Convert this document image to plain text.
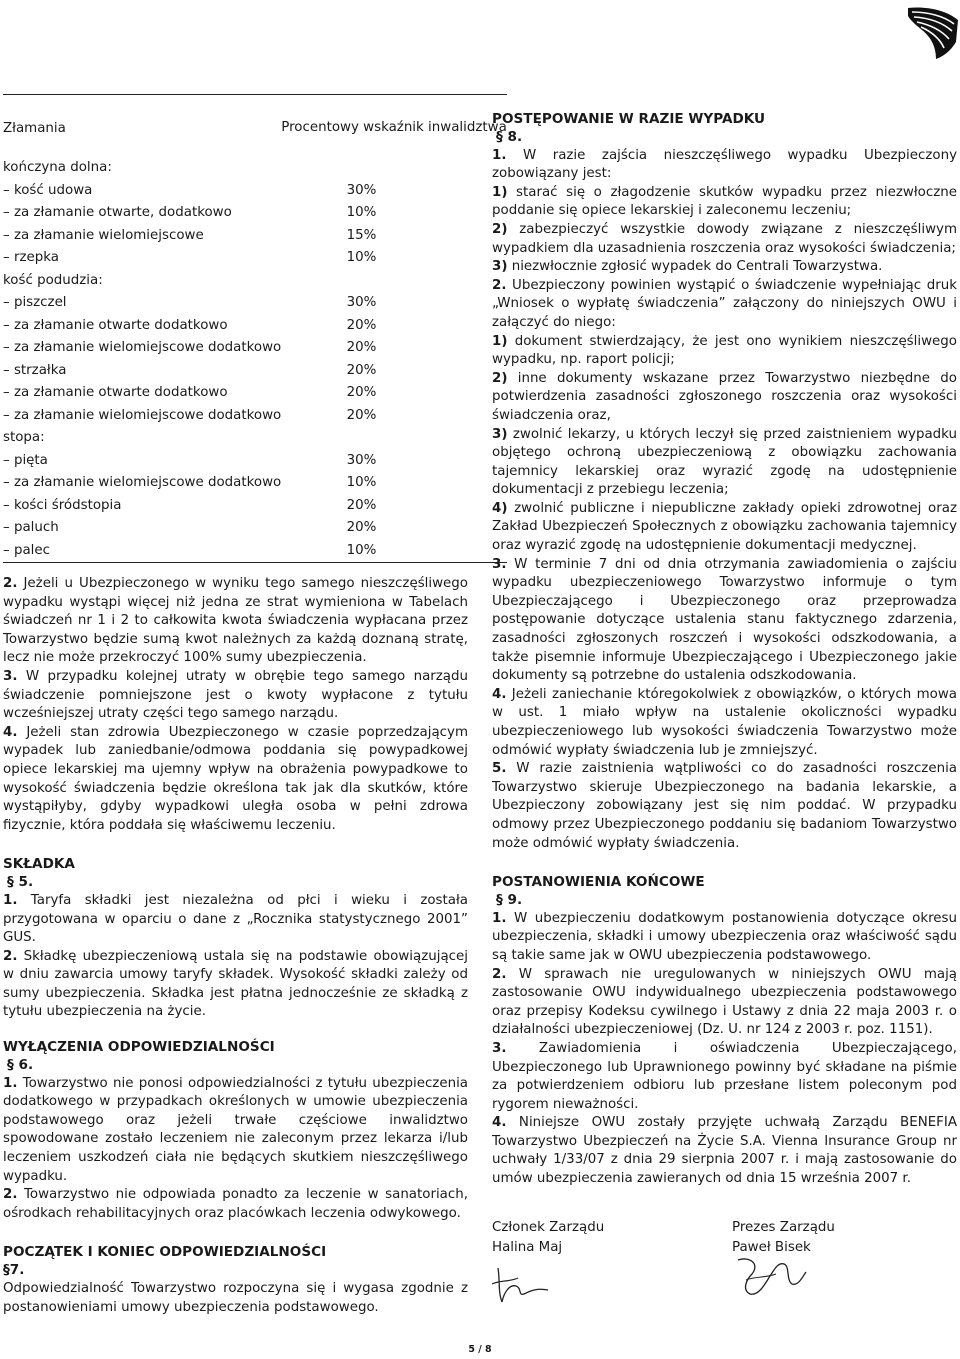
Złamania	Procentowy wskaźnik inwalidztwa
kończyna dolna:	
– kość udowa	30%
– za złamanie otwarte, dodatkowo	10%
– za złamanie wielomiejscowe	15%
– rzepka	10%
kość podudzia:	
– piszczel	30%
– za złamanie otwarte dodatkowo	20%
– za złamanie wielomiejscowe dodatkowo	20%
– strzałka	20%
– za złamanie otwarte dodatkowo	20%
– za złamanie wielomiejscowe dodatkowo	20%
stopa:	
– pięta	30%
– za złamanie wielomiejscowe dodatkowo	10%
– kości śródstopia	20%
– paluch	20%
– palec	10%

2. Jeżeli u Ubezpieczonego w wyniku tego samego nieszczęśliwego wypadku wystąpi więcej niż jedna ze strat wymieniona w Tabelach świadczeń nr 1 i 2 to całkowita kwota świadczenia wypłacana przez Towarzystwo będzie sumą kwot należnych za każdą doznaną stratę, lecz nie może przekroczyć 100% sumy ubezpieczenia.

3. W przypadku kolejnej utraty w obrębie tego samego narządu świadczenie pomniejszone jest o kwoty wypłacone z tytułu wcześniejszej utraty części tego samego narządu.

4. Jeżeli stan zdrowia Ubezpieczonego w czasie poprzedzającym wypadek lub zaniedbanie/odmowa poddania się powypadkowej opiece lekarskiej ma ujemny wpływ na obrażenia powypadkowe to wysokość świadczenia będzie określona tak jak dla skutków, które wystąpiłyby, gdyby wypadkowi uległa osoba w pełni zdrowa fizycznie, która poddała się właściwemu leczeniu.

SKŁADKA

§ 5.

1. Taryfa składki jest niezależna od płci i wieku i została przygotowana w oparciu o dane z „Rocznika statystycznego 2001” GUS.

2. Składkę ubezpieczeniową ustala się na podstawie obowiązującej w dniu zawarcia umowy taryfy składek. Wysokość składki zależy od sumy ubezpieczenia. Składka jest płatna jednocześnie ze składką z tytułu ubezpieczenia na życie.

WYŁĄCZENIA ODPOWIEDZIALNOŚCI

§ 6.

1. Towarzystwo nie ponosi odpowiedzialności z tytułu ubezpieczenia dodatkowego w przypadkach określonych w umowie ubezpieczenia podstawowego oraz jeżeli trwałe częściowe inwalidztwo spowodowane zostało leczeniem nie zaleconym przez lekarza i/lub leczeniem uszkodzeń ciała nie będących skutkiem nieszczęśliwego wypadku.

2. Towarzystwo nie odpowiada ponadto za leczenie w sanatoriach, ośrodkach rehabilitacyjnych oraz placówkach leczenia odwykowego.

POCZĄTEK I KONIEC ODPOWIEDZIALNOŚCI

§7.

Odpowiedzialność Towarzystwo rozpoczyna się i wygasa zgodnie z postanowieniami umowy ubezpieczenia podstawowego.

POSTĘPOWANIE W RAZIE WYPADKU

§ 8.

1. W razie zajścia nieszczęśliwego wypadku Ubezpieczony zobowiązany jest:

1) starać się o złagodzenie skutków wypadku przez niezwłoczne poddanie się opiece lekarskiej i zaleconemu leczeniu;

2) zabezpieczyć wszystkie dowody związane z nieszczęśliwym wypadkiem dla uzasadnienia roszczenia oraz wysokości świadczenia;

3) niezwłocznie zgłosić wypadek do Centrali Towarzystwa.

2. Ubezpieczony powinien wystąpić o świadczenie wypełniając druk „Wniosek o wypłatę świadczenia” załączony do niniejszych OWU i załączyć do niego:

1) dokument stwierdzający, że jest ono wynikiem nieszczęśliwego wypadku, np. raport policji;

2) inne dokumenty wskazane przez Towarzystwo niezbędne do potwierdzenia zasadności zgłoszonego roszczenia oraz wysokości świadczenia oraz,

3) zwolnić lekarzy, u których leczył się przed zaistnieniem wypadku objętego ochroną ubezpieczeniową z obowiązku zachowania tajemnicy lekarskiej oraz wyrazić zgodę na udostępnienie dokumentacji z przebiegu leczenia;

4) zwolnić publiczne i niepubliczne zakłady opieki zdrowotnej oraz Zakład Ubezpieczeń Społecznych z obowiązku zachowania tajemnicy oraz wyrazić zgodę na udostępnienie dokumentacji medycznej.

3. W terminie 7 dni od dnia otrzymania zawiadomienia o zajściu wypadku ubezpieczeniowego Towarzystwo informuje o tym Ubezpieczającego i Ubezpieczonego oraz przeprowadza postępowanie dotyczące ustalenia stanu faktycznego zdarzenia, zasadności zgłoszonych roszczeń i wysokości odszkodowania, a także pisemnie informuje Ubezpieczającego i Ubezpieczonego jakie dokumenty są potrzebne do ustalenia odszkodowania.

4. Jeżeli zaniechanie któregokolwiek z obowiązków, o których mowa w ust. 1 miało wpływ na ustalenie okoliczności wypadku ubezpieczeniowego lub wysokości świadczenia Towarzystwo może odmówić wypłaty świadczenia lub je zmniejszyć.

5. W razie zaistnienia wątpliwości co do zasadności roszczenia Towarzystwo skieruje Ubezpieczonego na badania lekarskie, a Ubezpieczony zobowiązany jest się nim poddać. W przypadku odmowy przez Ubezpieczonego poddaniu się badaniom Towarzystwo może odmówić wypłaty świadczenia.

POSTANOWIENIA KOŃCOWE

§ 9.

1. W ubezpieczeniu dodatkowym postanowienia dotyczące okresu ubezpieczenia, składki i umowy ubezpieczenia oraz właściwość sądu są takie same jak w OWU ubezpieczenia podstawowego.

2. W sprawach nie uregulowanych w niniejszych OWU mają zastosowanie OWU indywidualnego ubezpieczenia podstawowego oraz przepisy Kodeksu cywilnego i Ustawy z dnia 22 maja 2003 r. o działalności ubezpieczeniowej (Dz. U. nr 124 z 2003 r. poz. 1151).

3. Zawiadomienia i oświadczenia Ubezpieczającego, Ubezpieczonego lub Uprawnionego powinny być składane na piśmie za potwierdzeniem odbioru lub przesłane listem poleconym pod rygorem nieważności.

4. Niniejsze OWU zostały przyjęte uchwałą Zarządu BENEFIA Towarzystwo Ubezpieczeń na Życie S.A. Vienna Insurance Group nr uchwały 1/33/07 z dnia 29 sierpnia 2007 r. i mają zastosowanie do umów ubezpieczenia zawieranych od dnia 15 września 2007 r.

Członek Zarządu
Halina Maj
Prezes Zarządu
Paweł Bisek
5 / 8
